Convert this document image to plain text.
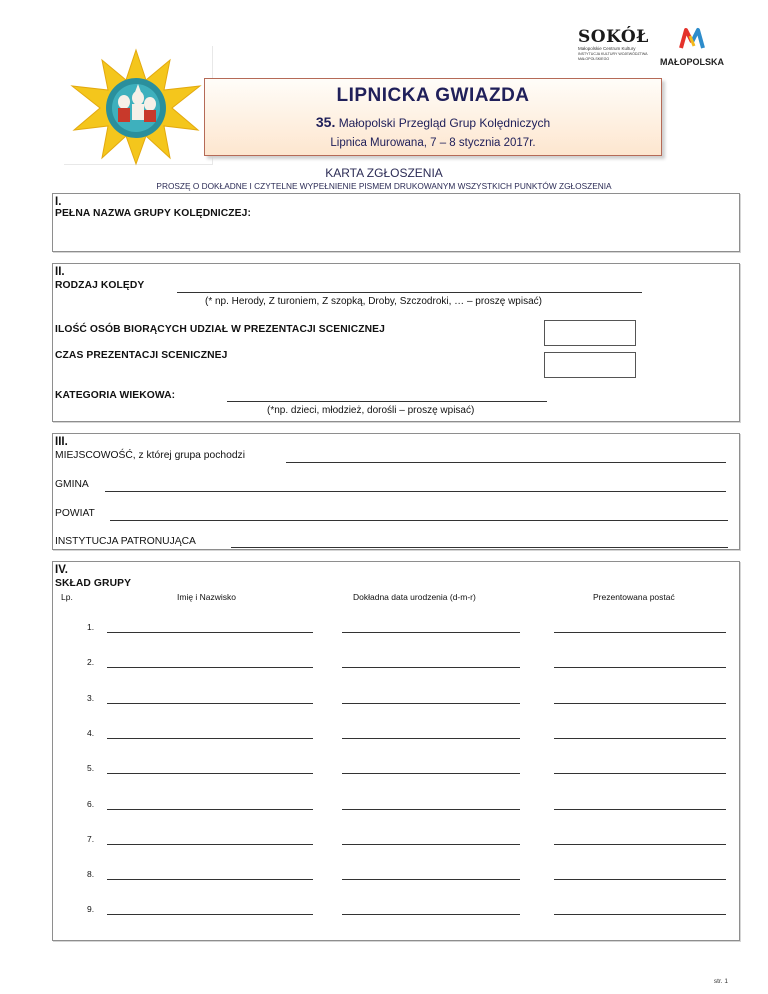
LIPNICKA GWIAZDA
35. Małopolski Przegląd Grup Kolędniczych
Lipnica Murowana, 7 – 8 stycznia 2017r.
SOKÓŁ
Małopolskie Centrum Kultury
INSTYTUCJA KULTURY WOJEWÓDZTWA MAŁOPOLSKIEGO	MAŁOPOLSKA
KARTA ZGŁOSZENIA
PROSZĘ O DOKŁADNE I CZYTELNE WYPEŁNIENIE PISMEM DRUKOWANYM WSZYSTKICH PUNKTÓW ZGŁOSZENIA
I.
PEŁNA NAZWA GRUPY KOLĘDNICZEJ:
II.
RODZAJ KOLĘDY
(* np. Herody, Z turoniem, Z szopką, Droby, Szczodroki, … – proszę wpisać)
ILOŚĆ OSÓB BIORĄCYCH UDZIAŁ W PREZENTACJI SCENICZNEJ
CZAS PREZENTACJI SCENICZNEJ
KATEGORIA WIEKOWA:
(*np. dzieci, młodzież, dorośli – proszę wpisać)
III.
MIEJSCOWOŚĆ, z której grupa pochodzi
GMINA
POWIAT
INSTYTUCJA PATRONUJĄCA
IV.
SKŁAD GRUPY
Lp.	Imię i Nazwisko	Dokładna data urodzenia (d-m-r)	Prezentowana postać
1.
2.
3.
4.
5.
6.
7.
8.
9.
str. 1
